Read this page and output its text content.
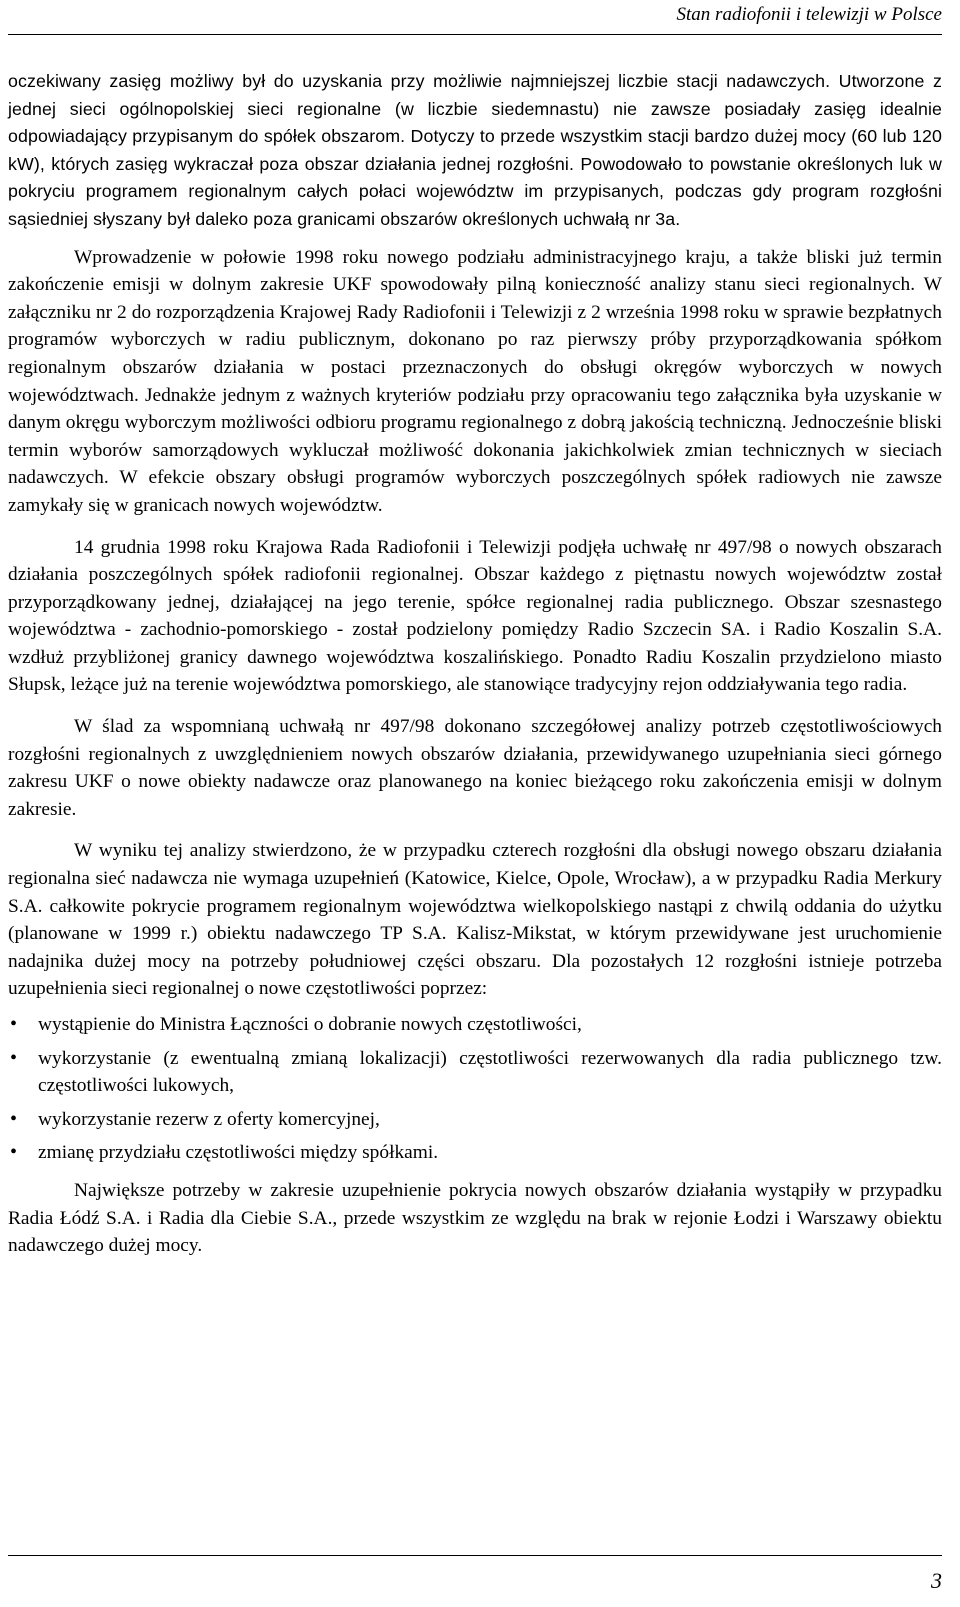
Stan radiofonii i telewizji w Polsce

oczekiwany zasięg możliwy był do uzyskania przy możliwie najmniejszej liczbie stacji nadawczych. Utworzone z jednej sieci ogólnopolskiej sieci regionalne (w liczbie siedemnastu) nie zawsze posiadały zasięg idealnie odpowiadający przypisanym do spółek obszarom. Dotyczy to przede wszystkim stacji bardzo dużej mocy (60 lub 120 kW), których zasięg wykraczał poza obszar działania jednej rozgłośni. Powodowało to powstanie określonych luk w pokryciu programem regionalnym całych połaci województw im przypisanych, podczas gdy program rozgłośni sąsiedniej słyszany był daleko poza granicami obszarów określonych uchwałą nr 3a.

Wprowadzenie w połowie 1998 roku nowego podziału administracyjnego kraju, a także bliski już termin zakończenie emisji w dolnym zakresie UKF spowodowały pilną konieczność analizy stanu sieci regionalnych. W załączniku nr 2 do rozporządzenia Krajowej Rady Radiofonii i Telewizji z 2 września 1998 roku w sprawie bezpłatnych programów wyborczych w radiu publicznym, dokonano po raz pierwszy próby przyporządkowania spółkom regionalnym obszarów działania w postaci przeznaczonych do obsługi okręgów wyborczych w nowych województwach. Jednakże jednym z ważnych kryteriów podziału przy opracowaniu tego załącznika była uzyskanie w danym okręgu wyborczym możliwości odbioru programu regionalnego z dobrą jakością techniczną. Jednocześnie bliski termin wyborów samorządowych wykluczał możliwość dokonania jakichkolwiek zmian technicznych w sieciach nadawczych. W efekcie obszary obsługi programów wyborczych poszczególnych spółek radiowych nie zawsze zamykały się w granicach nowych województw.

14 grudnia 1998 roku Krajowa Rada Radiofonii i Telewizji podjęła uchwałę nr 497/98 o nowych obszarach działania poszczególnych spółek radiofonii regionalnej. Obszar każdego z piętnastu nowych województw został przyporządkowany jednej, działającej na jego terenie, spółce regionalnej radia publicznego. Obszar szesnastego województwa - zachodnio-pomorskiego - został podzielony pomiędzy Radio Szczecin SA. i Radio Koszalin S.A. wzdłuż przybliżonej granicy dawnego województwa koszalińskiego. Ponadto Radiu Koszalin przydzielono miasto Słupsk, leżące już na terenie województwa pomorskiego, ale stanowiące tradycyjny rejon oddziaływania tego radia.

W ślad za wspomnianą uchwałą nr 497/98 dokonano szczegółowej analizy potrzeb częstotliwościowych rozgłośni regionalnych z uwzględnieniem nowych obszarów działania, przewidywanego uzupełniania sieci górnego zakresu UKF o nowe obiekty nadawcze oraz planowanego na koniec bieżącego roku zakończenia emisji w dolnym zakresie.

W wyniku tej analizy stwierdzono, że w przypadku czterech rozgłośni dla obsługi nowego obszaru działania regionalna sieć nadawcza nie wymaga uzupełnień (Katowice, Kielce, Opole, Wrocław), a w przypadku Radia Merkury S.A. całkowite pokrycie programem regionalnym województwa wielkopolskiego nastąpi z chwilą oddania do użytku (planowane w 1999 r.) obiektu nadawczego TP S.A. Kalisz-Mikstat, w którym przewidywane jest uruchomienie nadajnika dużej mocy na potrzeby południowej części obszaru. Dla pozostałych 12 rozgłośni istnieje potrzeba uzupełnienia sieci regionalnej o nowe częstotliwości poprzez:

• wystąpienie do Ministra Łączności o dobranie nowych częstotliwości,
• wykorzystanie (z ewentualną zmianą lokalizacji) częstotliwości rezerwowanych dla radia publicznego tzw. częstotliwości lukowych,
• wykorzystanie rezerw z oferty komercyjnej,
• zmianę przydziału częstotliwości między spółkami.

Największe potrzeby w zakresie uzupełnienie pokrycia nowych obszarów działania wystąpiły w przypadku Radia Łódź S.A. i Radia dla Ciebie S.A., przede wszystkim ze względu na brak w rejonie Łodzi i Warszawy obiektu nadawczego dużej mocy.

3
